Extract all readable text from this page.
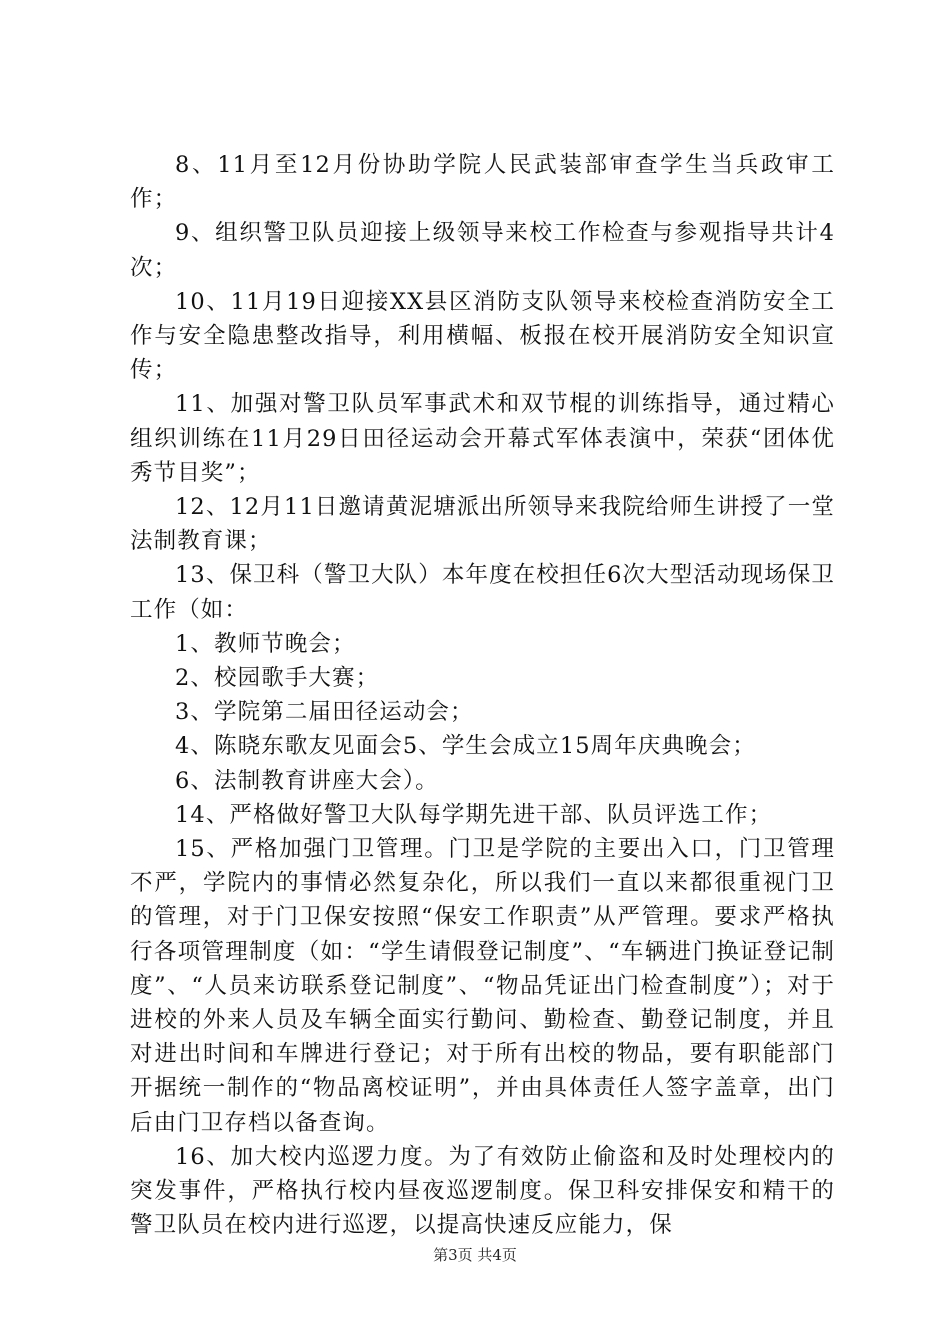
8、11月至12月份协助学院人民武装部审查学生当兵政审工作；

9、组织警卫队员迎接上级领导来校工作检查与参观指导共计4次；

10、11月19日迎接XX县区消防支队领导来校检查消防安全工作与安全隐患整改指导，利用横幅、板报在校开展消防安全知识宣传；

11、加强对警卫队员军事武术和双节棍的训练指导，通过精心组织训练在11月29日田径运动会开幕式军体表演中，荣获“团体优秀节目奖”；

12、12月11日邀请黄泥塘派出所领导来我院给师生讲授了一堂法制教育课；

13、保卫科（警卫大队）本年度在校担任6次大型活动现场保卫工作（如：

1、教师节晚会；

2、校园歌手大赛；

3、学院第二届田径运动会；

4、陈晓东歌友见面会5、学生会成立15周年庆典晚会；

6、法制教育讲座大会）。

14、严格做好警卫大队每学期先进干部、队员评选工作；

15、严格加强门卫管理。门卫是学院的主要出入口，门卫管理不严，学院内的事情必然复杂化，所以我们一直以来都很重视门卫的管理，对于门卫保安按照“保安工作职责”从严管理。要求严格执行各项管理制度（如：“学生请假登记制度”、“车辆进门换证登记制度”、“人员来访联系登记制度”、“物品凭证出门检查制度”）；对于进校的外来人员及车辆全面实行勤问、勤检查、勤登记制度，并且对进出时间和车牌进行登记；对于所有出校的物品，要有职能部门开据统一制作的“物品离校证明”，并由具体责任人签字盖章，出门后由门卫存档以备查询。

16、加大校内巡逻力度。为了有效防止偷盗和及时处理校内的突发事件，严格执行校内昼夜巡逻制度。保卫科安排保安和精干的警卫队员在校内进行巡逻，以提高快速反应能力，保

第3页 共4页
